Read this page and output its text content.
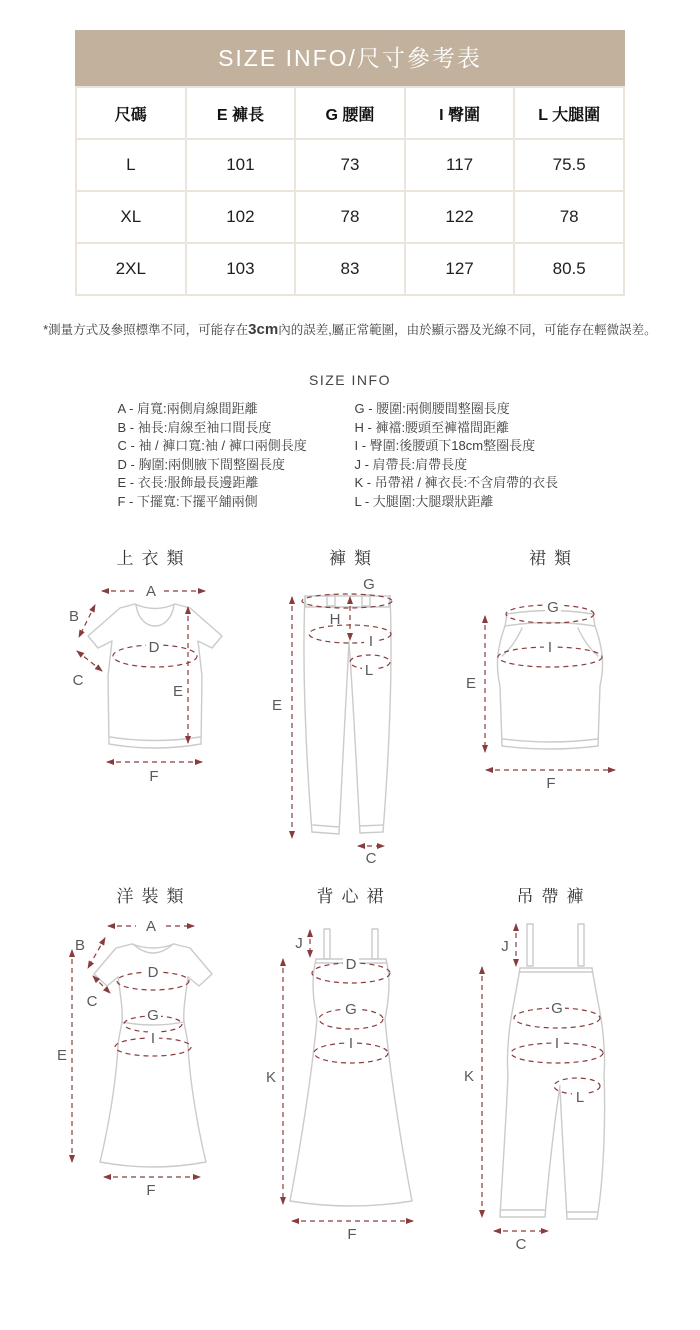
SIZE INFO/尺寸參考表
尺碼	E 褲長	G 腰圍	I 臀圍	L 大腿圍
L	101	73	117	75.5
XL	102	78	122	78
2XL	103	83	127	80.5
*測量方式及參照標準不同，可能存在3cm內的誤差,屬正常範圍，由於顯示器及光線不同，可能存在輕微誤差。
SIZE INFO
A - 肩寬:兩側肩線間距離
B - 袖長:肩線至袖口間長度
C - 袖 / 褲口寬:袖 / 褲口兩側長度
D - 胸圍:兩側腋下間整圈長度
E - 衣長:服飾最長邊距離
F - 下擺寬:下擺平舖兩側
G - 腰圍:兩側腰間整圈長度
H - 褲襠:腰頭至褲襠間距離
I - 臀圍:後腰頭下18cm整圈長度
J - 肩帶長:肩帶長度
K - 吊帶裙 / 褲衣長:不含肩帶的衣長
L - 大腿圍:大腿環狀距離
上衣類
A
B
C
D
E
F
褲類
G
H
I
L
E
C
裙類
G
I
E
F
洋裝類
A
B
C
D
G
I
E
F
背心裙
J
D
G
I
K
F
吊帶褲
J
G
I
L
K
C
